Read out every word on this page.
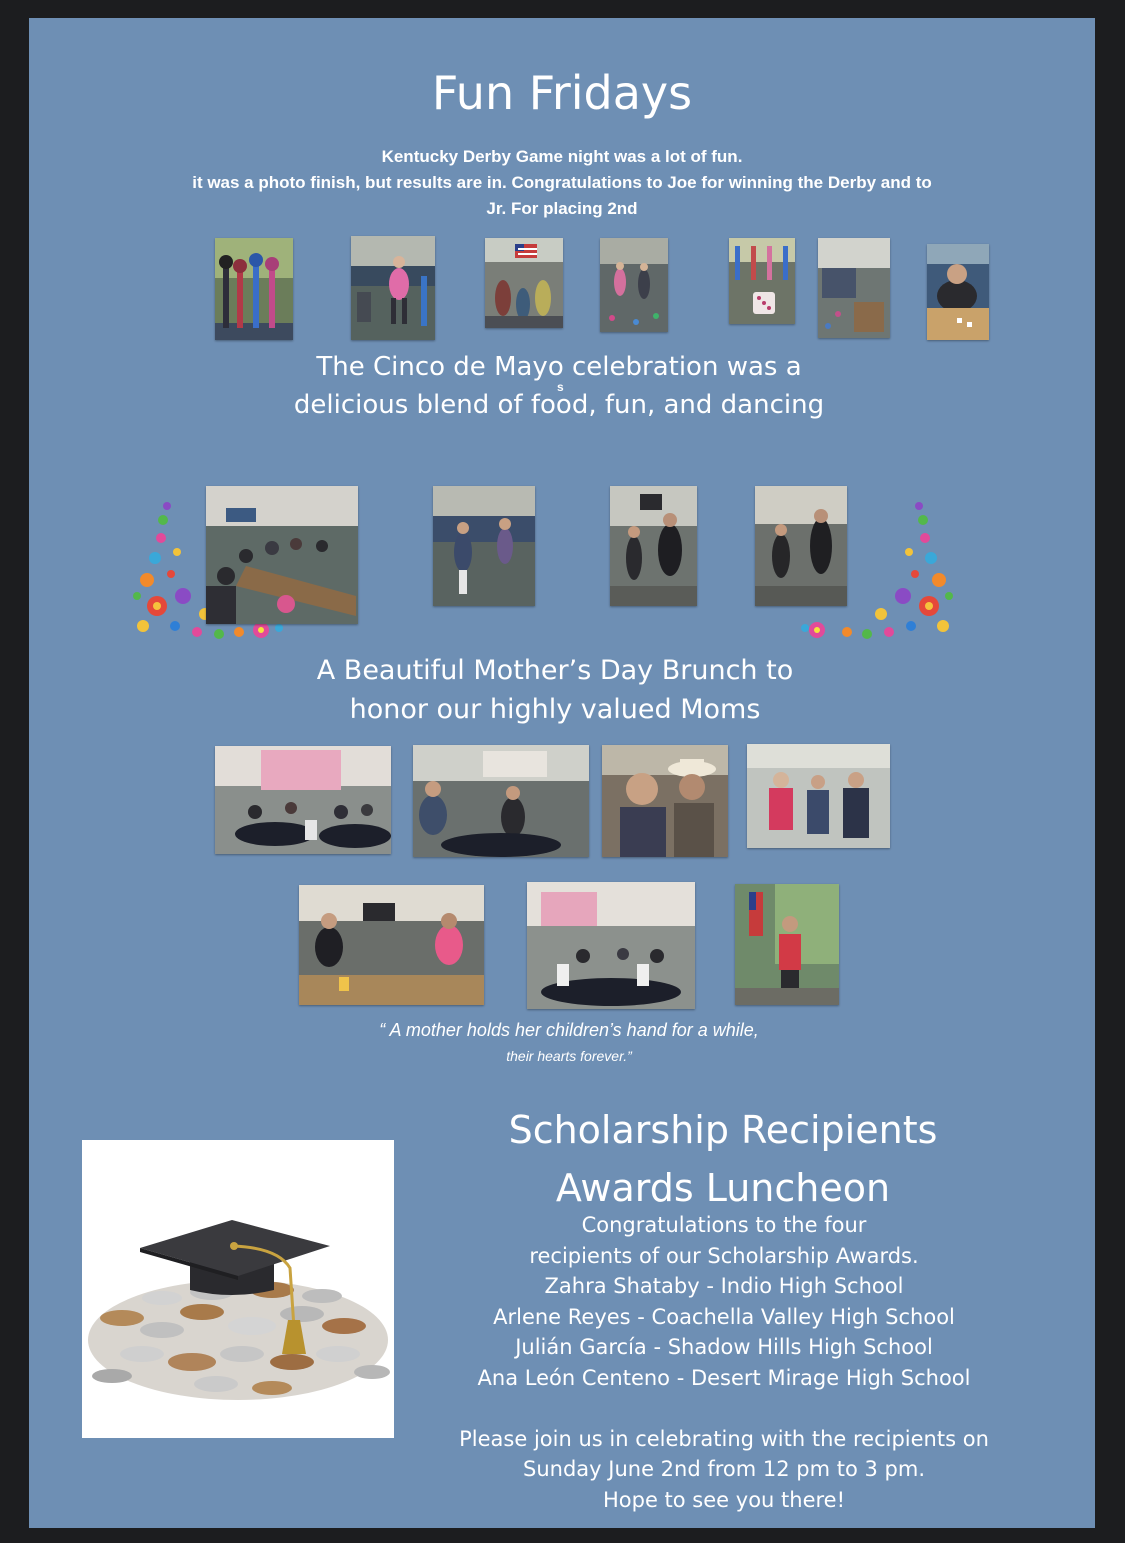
Fun Fridays
Kentucky Derby Game night was a lot of fun.
it was a photo finish, but results are in. Congratulations to Joe for winning the Derby and to
Jr. For placing 2nd
The Cinco de Mayo celebration was a
delicious blend of food, fun, and dancing
s
A Beautiful Mother’s Day Brunch to
honor our highly valued Moms
“ A mother holds her children’s hand for a while,
their hearts forever.”
Scholarship Recipients
Awards Luncheon

Congratulations to the four

recipients of our Scholarship Awards.

Zahra Shataby - Indio High School

Arlene Reyes - Coachella Valley High School

Julián García - Shadow Hills High School

Ana León Centeno - Desert Mirage High School

Please join us in celebrating with the recipients on

Sunday June 2nd from 12 pm to 3 pm.

Hope to see you there!
